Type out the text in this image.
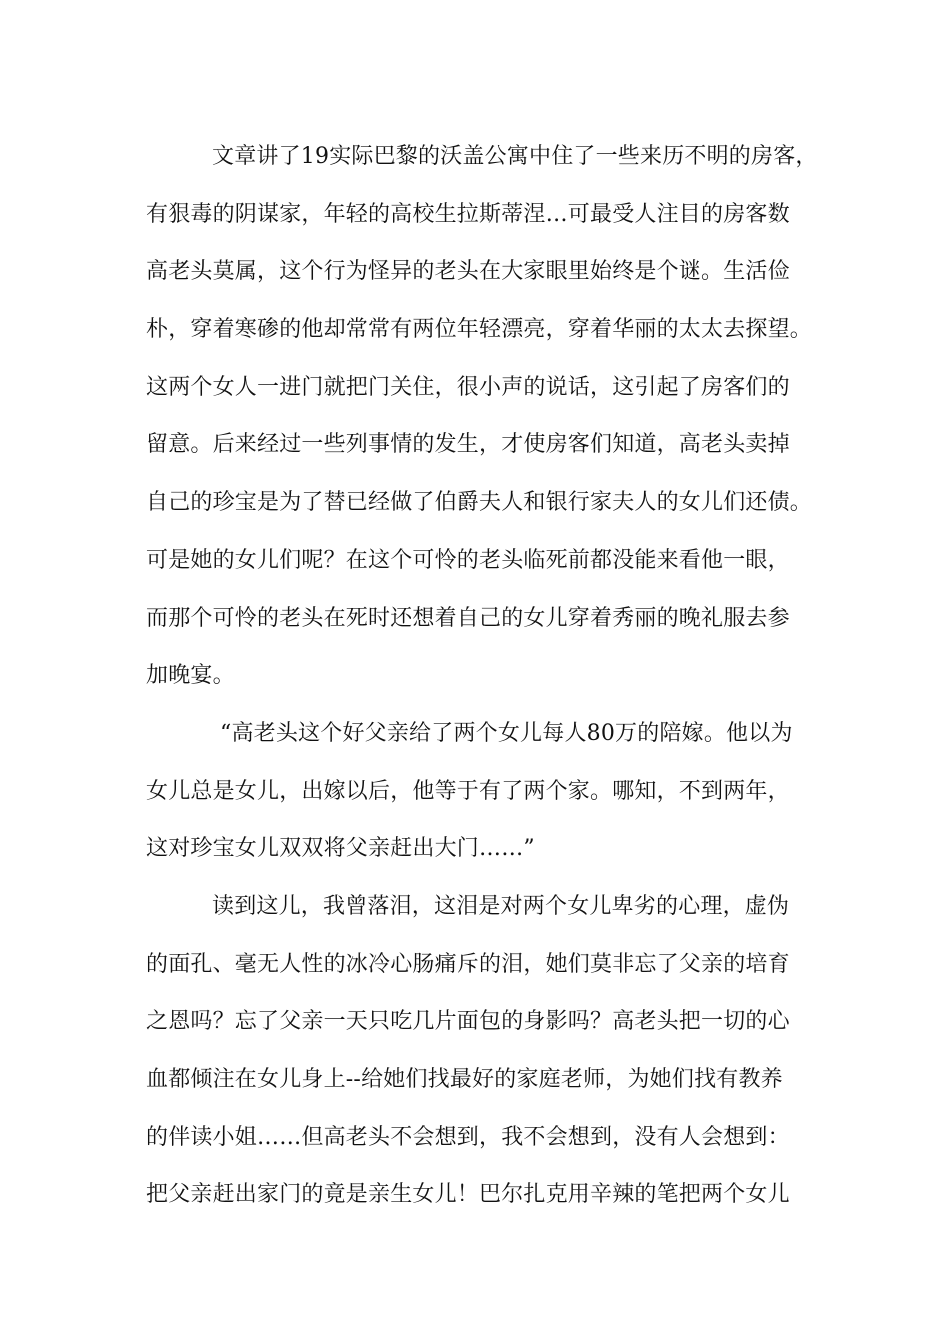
文章讲了19实际巴黎的沃盖公寓中住了一些来历不明的房客，
有狠毒的阴谋家，年轻的高校生拉斯蒂涅…可最受人注目的房客数
高老头莫属，这个行为怪异的老头在大家眼里始终是个谜。生活俭
朴，穿着寒碜的他却常常有两位年轻漂亮，穿着华丽的太太去探望。
这两个女人一进门就把门关住，很小声的说话，这引起了房客们的
留意。后来经过一些列事情的发生，才使房客们知道，高老头卖掉
自己的珍宝是为了替已经做了伯爵夫人和银行家夫人的女儿们还债。
可是她的女儿们呢？在这个可怜的老头临死前都没能来看他一眼，
而那个可怜的老头在死时还想着自己的女儿穿着秀丽的晚礼服去参
加晚宴。
“高老头这个好父亲给了两个女儿每人80万的陪嫁。他以为
女儿总是女儿，出嫁以后，他等于有了两个家。哪知，不到两年，
这对珍宝女儿双双将父亲赶出大门……”
读到这儿，我曾落泪，这泪是对两个女儿卑劣的心理，虚伪
的面孔、毫无人性的冰冷心肠痛斥的泪，她们莫非忘了父亲的培育
之恩吗？忘了父亲一天只吃几片面包的身影吗？高老头把一切的心
血都倾注在女儿身上--给她们找最好的家庭老师，为她们找有教养
的伴读小姐……但高老头不会想到，我不会想到，没有人会想到：
把父亲赶出家门的竟是亲生女儿！巴尔扎克用辛辣的笔把两个女儿
